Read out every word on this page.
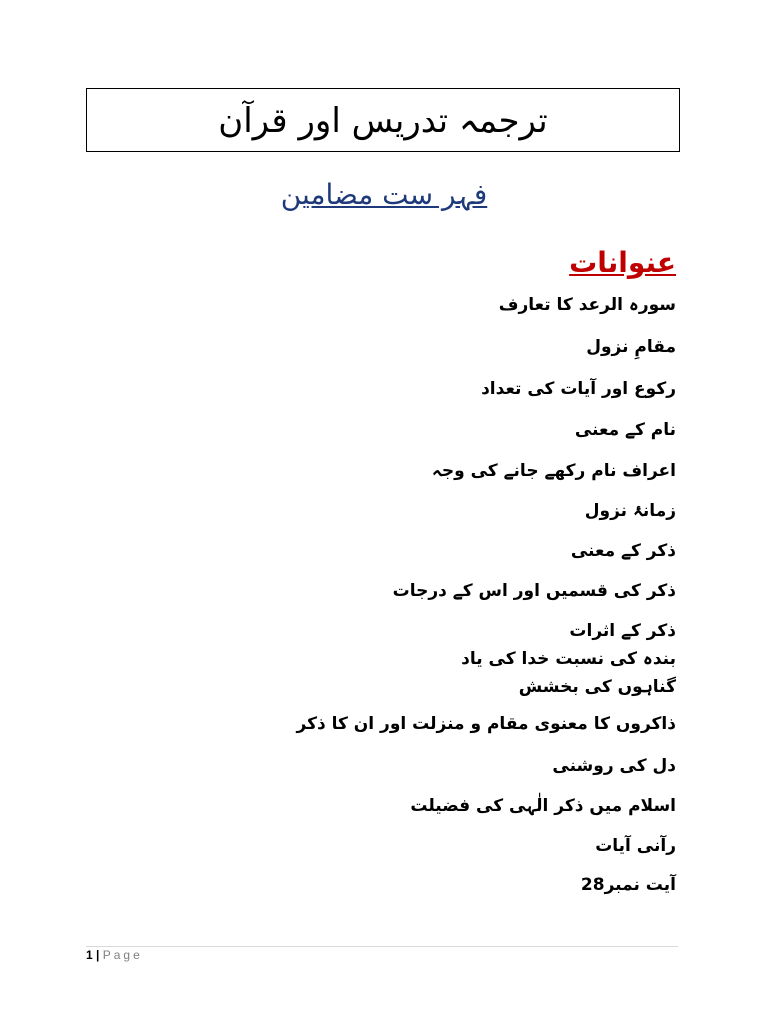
ترجمہ تدریس اور قرآن
فہر ست مضامین
عنوانات
سورہ الرعد کا تعارف
مقامِ نزول
رکوع اور آیات کی تعداد
نام کے معنی
اعراف نام رکھے جانے کی وجہ
زمانۂ نزول
ذکر کے معنی
ذکر کی قسمیں اور اس کے درجات
ذکر کے اثرات
بندہ کی نسبت خدا کی یاد
گناہوں کی بخشش
ذاکروں کا معنوی مقام و منزلت اور ان کا ذکر
دل کی روشنی
اسلام میں ذکر الٰہی کی فضیلت
رآنی آیات
آیت نمبر28
1 | Page
